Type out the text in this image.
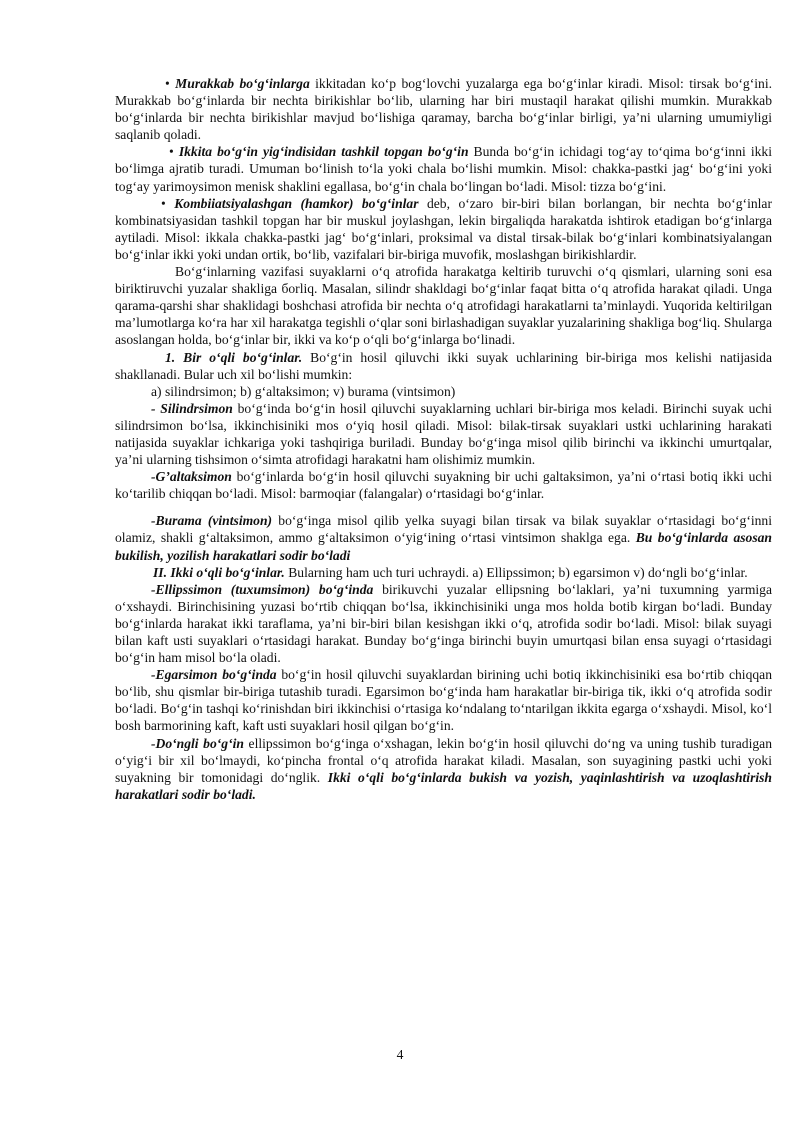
• Murakkab bo‘g‘inlarga ikkitadan ko‘p bog‘lovchi yuzalarga ega bo‘g‘inlar kiradi. Misol: tirsak bo‘g‘ini. Murakkab bo‘g‘inlarda bir nechta birikishlar bo‘lib, ularning har biri mustaqil harakat qilishi mumkin. Murakkab bo‘g‘inlarda bir nechta birikishlar mavjud bo‘lishiga qaramay, barcha bo‘g‘inlar birligi, ya’ni ularning umumiyligi saqlanib qoladi.

• Ikkita bo‘g‘in yig‘indisidan tashkil topgan bo‘g‘in Bunda bo‘g‘in ichidagi tog‘ay to‘qima bo‘g‘inni ikki bo‘limga ajratib turadi. Umuman bo‘linish to‘la yoki chala bo‘lishi mumkin. Misol: chakka-pastki jag‘ bo‘g‘ini yoki tog‘ay yarimoysimon menisk shaklini egallasa, bo‘g‘in chala bo‘lingan bo‘ladi. Misol: tizza bo‘g‘ini.

• Kombiiatsiyalashgan (hamkor) bo‘g‘inlar deb, o‘zaro bir-biri bilan borlangan, bir nechta bo‘g‘inlar kombinatsiyasidan tashkil topgan har bir muskul joylashgan, lekin birgaliqda harakatda ishtirok etadigan bo‘g‘inlarga aytiladi. Misol: ikkala chakka-pastki jag‘ bo‘g‘inlari, proksimal va distal tirsak-bilak bo‘g‘inlari kombinatsiyalangan bo‘g‘inlar ikki yoki undan ortik, bo‘lib, vazifalari bir-biriga muvofik, moslashgan birikishlardir.

Bo‘g‘inlarning vazifasi suyaklarni o‘q atrofida harakatga keltirib turuvchi o‘q qismlari, ularning soni esa biriktiruvchi yuzalar shakliga бorliq. Masalan, silindr shakldagi bo‘g‘inlar faqat bitta o‘q atrofida harakat qiladi. Unga qarama-qarshi shar shaklidagi boshchasi atrofida bir nechta o‘q atrofidagi harakatlarni ta’minlaydi. Yuqorida keltirilgan ma’lumotlarga ko‘ra har xil harakatga tegishli o‘qlar soni birlashadigan suyaklar yuzalarining shakliga bog‘liq. Shularga asoslangan holda, bo‘g‘inlar bir, ikki va ko‘p o‘qli bo‘g‘inlarga bo‘linadi.

1. Bir o‘qli bo‘g‘inlar. Bo‘g‘in hosil qiluvchi ikki suyak uchlarining bir-biriga mos kelishi natijasida shakllanadi. Bular uch xil bo‘lishi mumkin:

a) silindrsimon; b) g‘altaksimon; v) burama (vintsimon)

- Silindrsimon bo‘g‘inda bo‘g‘in hosil qiluvchi suyaklarning uchlari bir-biriga mos keladi. Birinchi suyak uchi silindrsimon bo‘lsa, ikkinchisiniki mos o‘yiq hosil qiladi. Misol: bilak-tirsak suyaklari ustki uchlarining harakati natijasida suyaklar ichkariga yoki tashqiriga buriladi. Bunday bo‘g‘inga misol qilib birinchi va ikkinchi umurtqalar, ya’ni ularning tishsimon o‘simta atrofidagi harakatni ham olishimiz mumkin.

-G’altaksimon bo‘g‘inlarda bo‘g‘in hosil qiluvchi suyakning bir uchi galtaksimon, ya’ni o‘rtasi botiq ikki uchi ko‘tarilib chiqqan bo‘ladi. Misol: barmoqiar (falangalar) o‘rtasidagi bo‘g‘inlar.

-Burama (vintsimon) bo‘g‘inga misol qilib yelka suyagi bilan tirsak va bilak suyaklar o‘rtasidagi bo‘g‘inni olamiz, shakli g‘altaksimon, ammo g‘altaksimon o‘yig‘ining o‘rtasi vintsimon shaklga ega. Bu bo‘g‘inlarda asosan bukilish, yozilish harakatlari sodir bo‘ladi

II. Ikki o‘qli bo‘g‘inlar. Bularning ham uch turi uchraydi. a) Ellipssimon; b) egarsimon v) do‘ngli bo‘g‘inlar.

-Ellipssimon (tuxumsimon) bo‘g‘inda birikuvchi yuzalar ellipsning bo‘laklari, ya’ni tuxumning yarmiga o‘xshaydi. Birinchisining yuzasi bo‘rtib chiqqan bo‘lsa, ikkinchisiniki unga mos holda botib kirgan bo‘ladi. Bunday bo‘g‘inlarda harakat ikki taraflama, ya’ni bir-biri bilan kesishgan ikki o‘q, atrofida sodir bo‘ladi. Misol: bilak suyagi bilan kaft usti suyaklari o‘rtasidagi harakat. Bunday bo‘g‘inga birinchi buyin umurtqasi bilan ensa suyagi o‘rtasidagi bo‘g‘in ham misol bo‘la oladi.

-Egarsimon bo‘g‘inda bo‘g‘in hosil qiluvchi suyaklardan birining uchi botiq ikkinchisiniki esa bo‘rtib chiqqan bo‘lib, shu qismlar bir-biriga tutashib turadi. Egarsimon bo‘g‘inda ham harakatlar bir-biriga tik, ikki o‘q atrofida sodir bo‘ladi. Bo‘g‘in tashqi ko‘rinishdan biri ikkinchisi o‘rtasiga ko‘ndalang to‘ntarilgan ikkita egarga o‘xshaydi. Misol, ko‘l bosh barmorining kaft, kaft usti suyaklari hosil qilgan bo‘g‘in.

-Do‘ngli bo‘g‘in ellipssimon bo‘g‘inga o‘xshagan, lekin bo‘g‘in hosil qiluvchi do‘ng va uning tushib turadigan o‘yig‘i bir xil bo‘lmaydi, ko‘pincha frontal o‘q atrofida harakat kiladi. Masalan, son suyagining pastki uchi yoki suyakning bir tomonidagi do‘nglik. Ikki o‘qli bo‘g‘inlarda bukish va yozish, yaqinlashtirish va uzoqlashtirish harakatlari sodir bo‘ladi.

4
